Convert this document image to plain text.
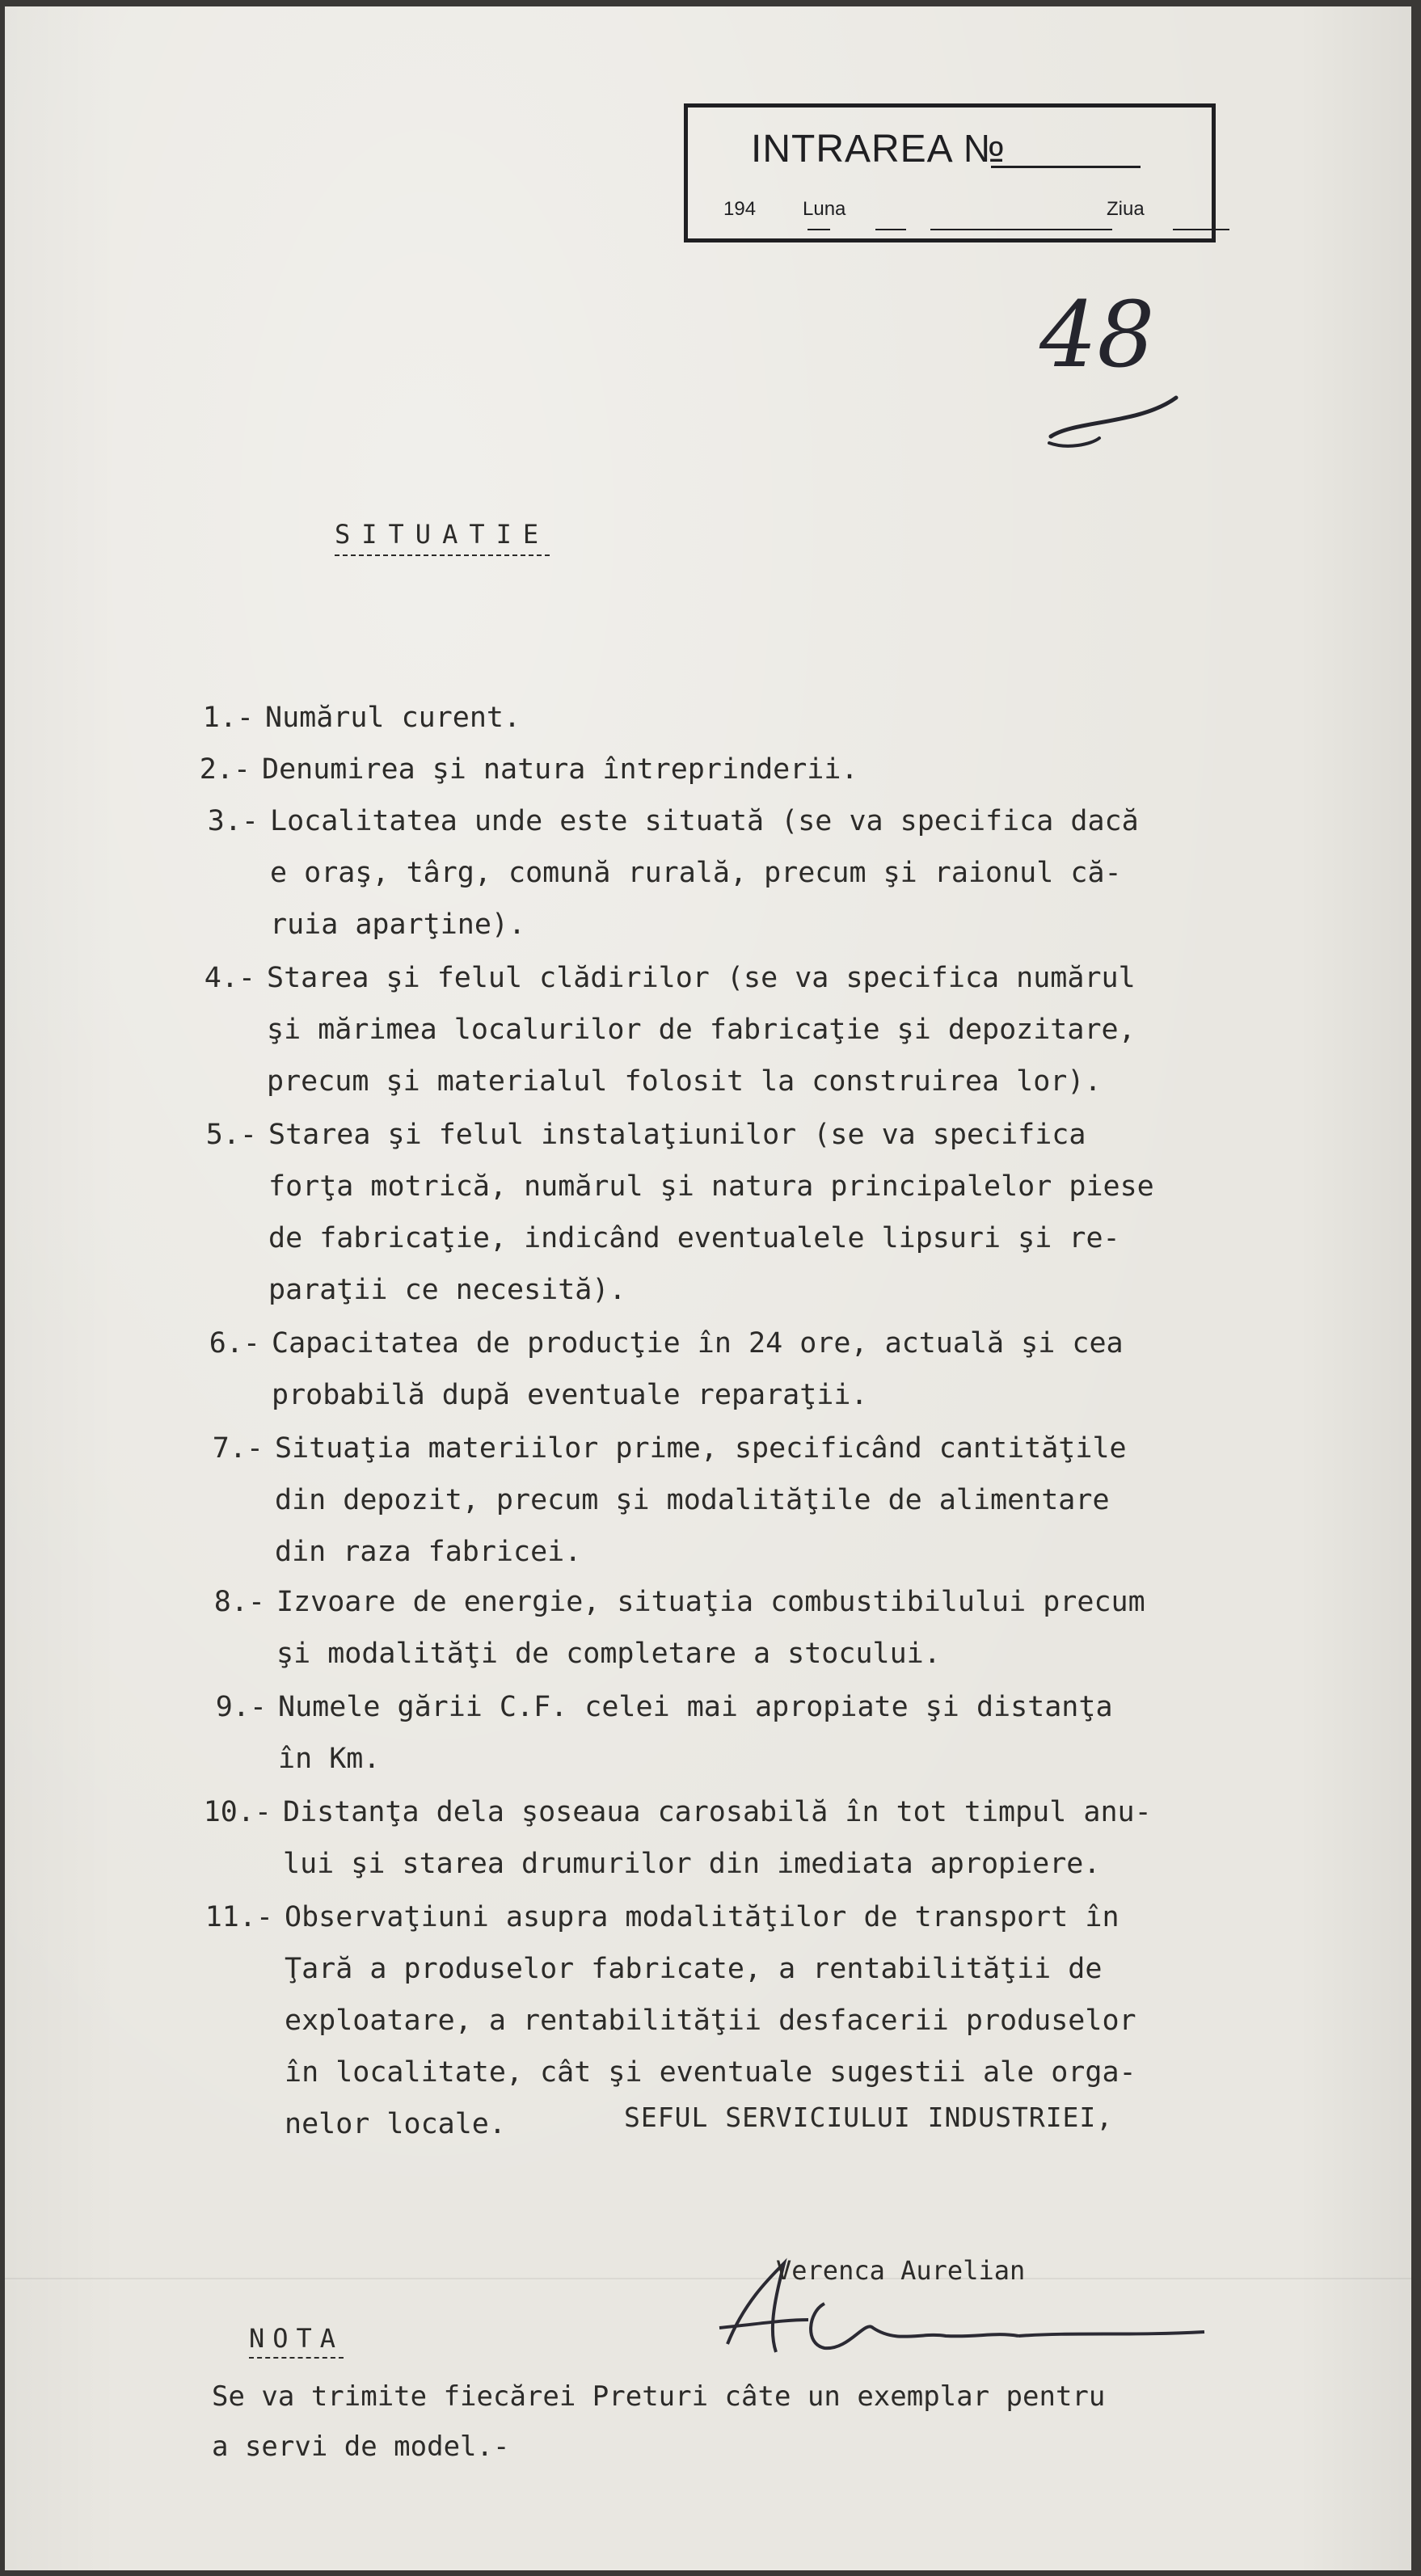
INTRAREA №
194 Luna	Ziua
48
SITUATIE
1.- Numărul curent.
2.- Denumirea şi natura întreprinderii.
3.- Localitatea unde este situată (se va specifica dacă
e oraş, târg, comună rurală, precum şi raionul că-
ruia aparţine).
4.- Starea şi felul clădirilor (se va specifica numărul
şi mărimea localurilor de fabricaţie şi depozitare,
precum şi materialul folosit la construirea lor).
5.- Starea şi felul instalaţiunilor (se va specifica
forţa motrică, numărul şi natura principalelor piese
de fabricaţie, indicând eventualele lipsuri şi re-
paraţii ce necesită).
6.- Capacitatea de producţie în 24 ore, actuală şi cea
probabilă după eventuale reparaţii.
7.- Situaţia materiilor prime, specificând cantităţile
din depozit, precum şi modalităţile de alimentare
din raza fabricei.
8.- Izvoare de energie, situaţia combustibilului precum
şi modalităţi de completare a stocului.
9.- Numele gării C.F. celei mai apropiate şi distanţa
în Km.
10.- Distanţa dela şoseaua carosabilă în tot timpul anu-
lui şi starea drumurilor din imediata apropiere.
11.- Observaţiuni asupra modalităţilor de transport în
Ţară a produselor fabricate, a rentabilităţii de
exploatare, a rentabilităţii desfacerii produselor
în localitate, cât şi eventuale sugestii ale orga-
nelor locale.	SEFUL SERVICIULUI INDUSTRIEI,
Verenca Aurelian
NOTA
Se va trimite fiecărei Preturi câte un exemplar pentru
a servi de model.-
